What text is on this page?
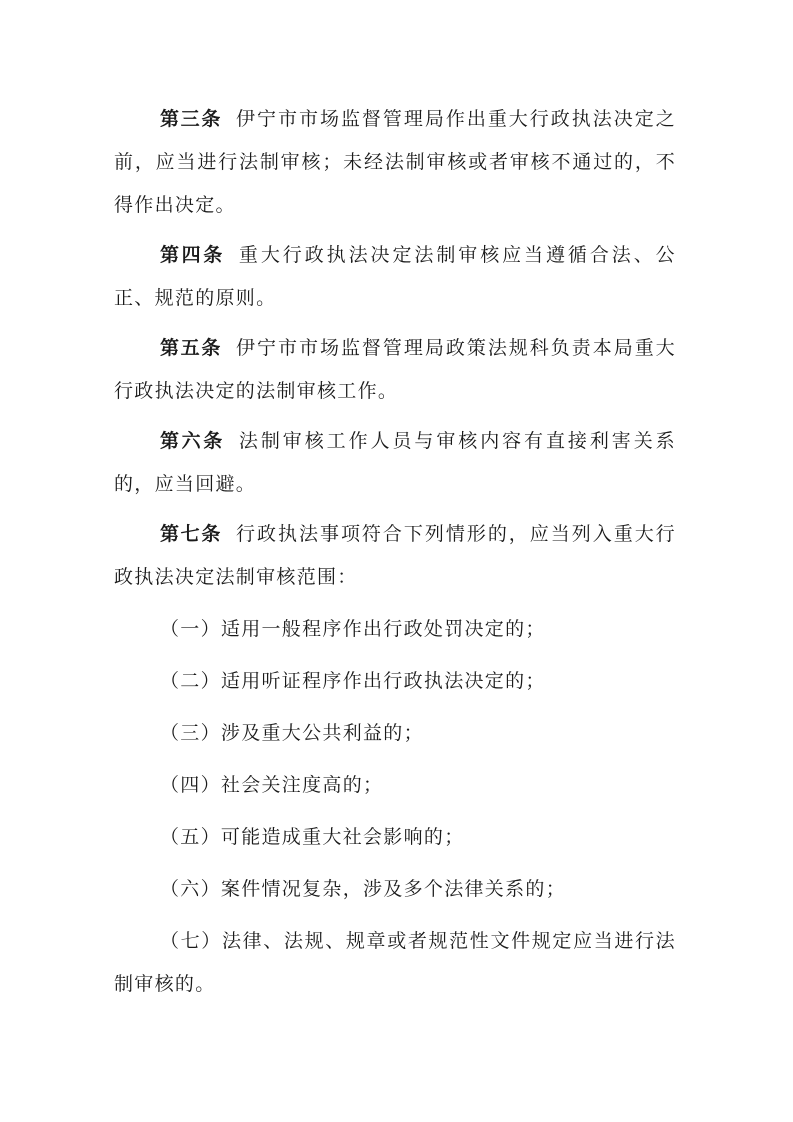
第三条 伊宁市市场监督管理局作出重大行政执法决定之前，应当进行法制审核；未经法制审核或者审核不通过的，不得作出决定。

第四条 重大行政执法决定法制审核应当遵循合法、公正、规范的原则。

第五条 伊宁市市场监督管理局政策法规科负责本局重大行政执法决定的法制审核工作。

第六条 法制审核工作人员与审核内容有直接利害关系的，应当回避。

第七条 行政执法事项符合下列情形的，应当列入重大行政执法决定法制审核范围：

（一）适用一般程序作出行政处罚决定的；

（二）适用听证程序作出行政执法决定的；

（三）涉及重大公共利益的；

（四）社会关注度高的；

（五）可能造成重大社会影响的；

（六）案件情况复杂，涉及多个法律关系的；

（七）法律、法规、规章或者规范性文件规定应当进行法制审核的。
